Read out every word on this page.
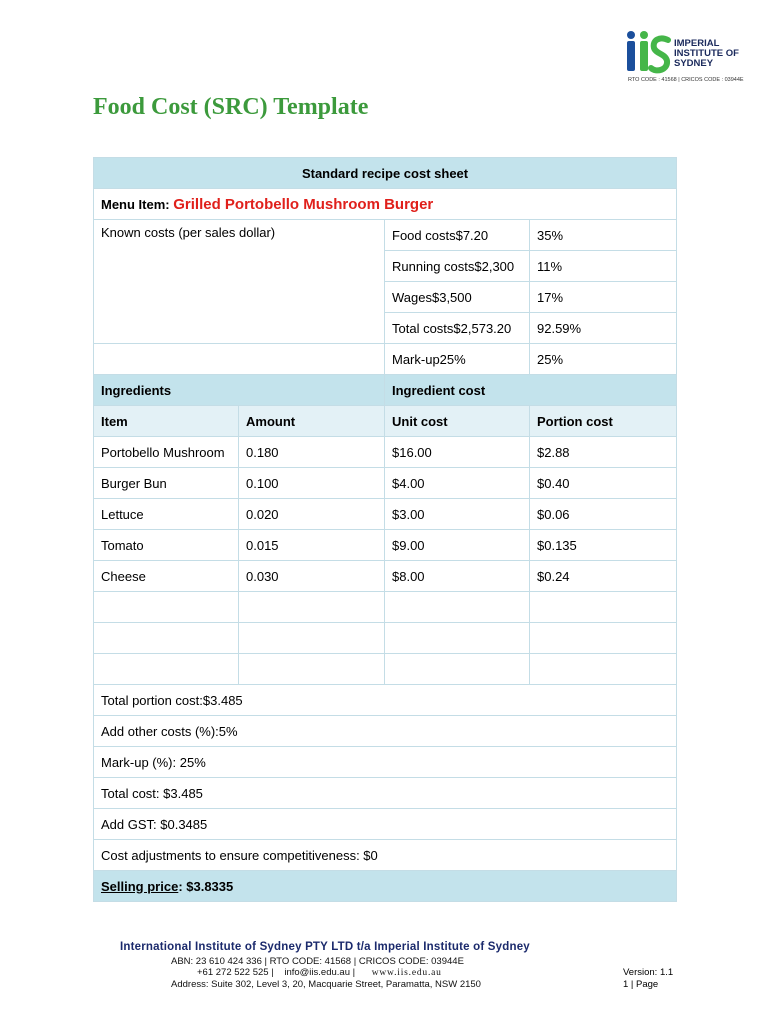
IMPERIAL
INSTITUTE OF
SYDNEY
RTO CODE : 41568 | CRICOS CODE : 03944E
Food Cost (SRC) Template
Standard recipe cost sheet			
Menu Item: Grilled Portobello Mushroom Burger			
Known costs (per sales dollar)		Food costs$7.20	35%
		Running costs$2,300	11%
		Wages$3,500	17%
		Total costs$2,573.20	92.59%
		Mark-up25%	25%
Ingredients		Ingredient cost	
Item	Amount	Unit cost	Portion cost
Portobello Mushroom	0.180	$16.00	$2.88
Burger Bun	0.100	$4.00	$0.40
Lettuce	0.020	$3.00	$0.06
Tomato	0.015	$9.00	$0.135
Cheese	0.030	$8.00	$0.24

Total portion cost:$3.485			
Add other costs (%):5%			
Mark-up (%): 25%			
Total cost: $3.485			
Add GST: $0.3485			
Cost adjustments to ensure competitiveness: $0			
Selling price: $3.8335			
International Institute of Sydney PTY LTD t/a Imperial Institute of Sydney
ABN: 23 610 424 336 | RTO CODE: 41568 | CRICOS CODE: 03944E
+61 272 522 525 | info@iis.edu.au | www.iis.edu.au
Address: Suite 302, Level 3, 20, Macquarie Street, Paramatta, NSW 2150
Version: 1.1
1 | Page
